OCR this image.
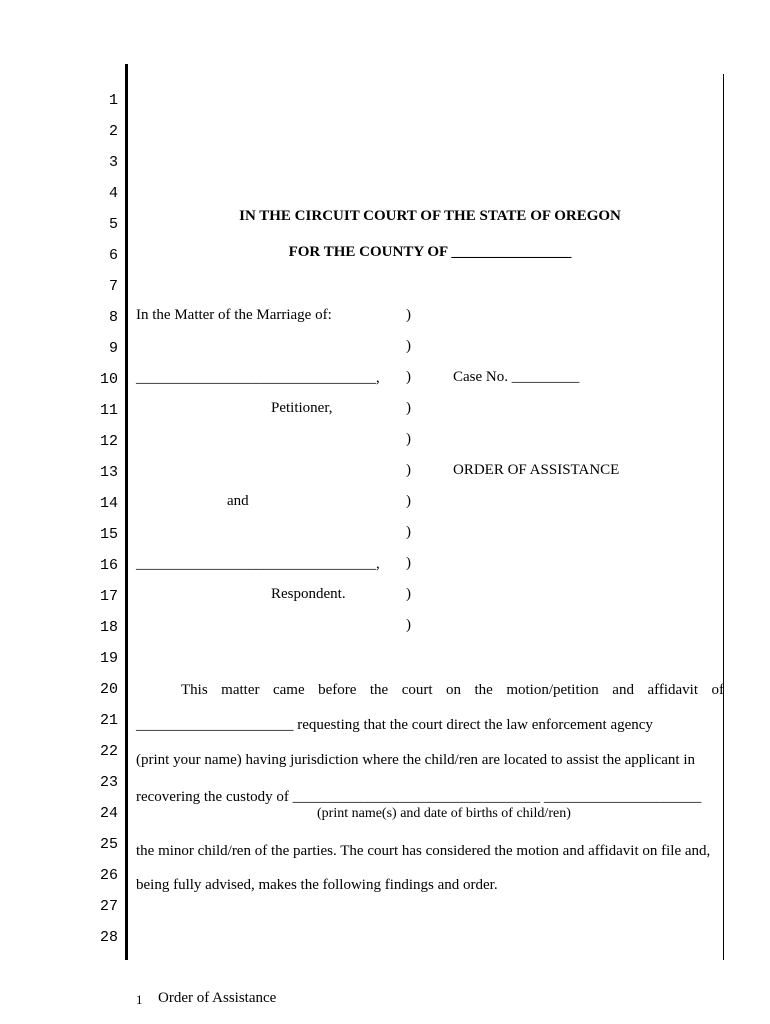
1
2
3
4
5
6
7
8
9
10
11
12
13
14
15
16
17
18
19
20
21
22
23
24
25
26
27
28
IN THE CIRCUIT COURT OF THE STATE OF OREGON
FOR THE COUNTY OF ________________
In the Matter of the Marriage of:
________________________________,
Petitioner,
and
________________________________,
Respondent.
)
)
)
)
)
)
)
)
)
)
)
Case No. _________
ORDER OF ASSISTANCE
This matter came before the court on the motion/petition and affidavit of
_____________________ requesting that the court direct the law enforcement agency
(print your name) having jurisdiction where the child/ren are located to assist the applicant in
recovering the custody of _________________________________ _____________________
(print name(s) and date of births of child/ren)
the minor child/ren of the parties. The court has considered the motion and affidavit on file and,
being fully advised, makes the following findings and order.
1 Order of Assistance
